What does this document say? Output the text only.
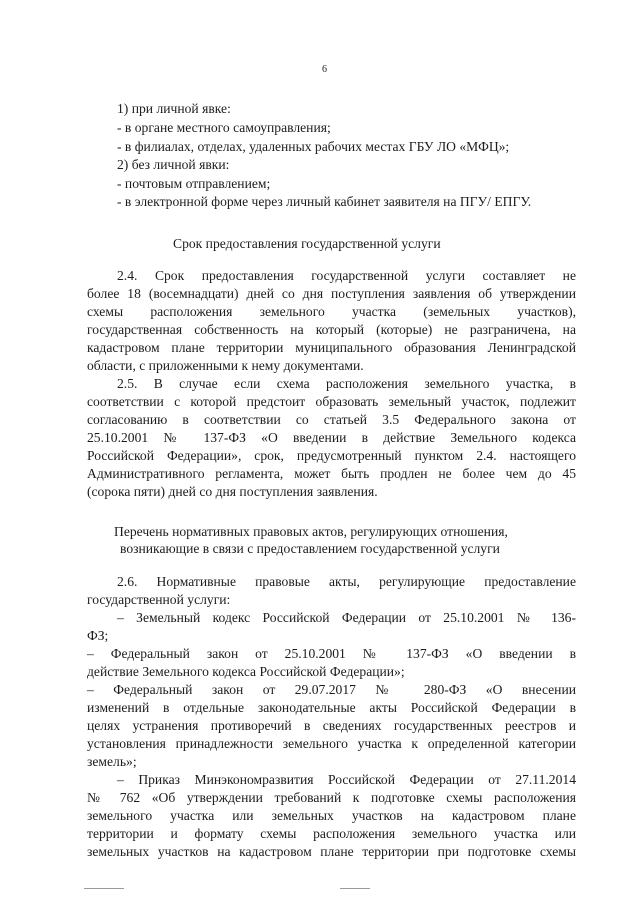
6
1) при личной явке:
- в органе местного самоуправления;
- в филиалах, отделах, удаленных рабочих местах ГБУ ЛО «МФЦ»;
2) без личной явки:
- почтовым отправлением;
- в электронной форме через личный кабинет заявителя на ПГУ/ ЕПГУ.
Срок предоставления государственной услуги
2.4. Срок предоставления государственной услуги составляет не
более 18 (восемнадцати) дней со дня поступления заявления об утверждении
схемы расположения земельного участка (земельных участков),
государственная собственность на который (которые) не разграничена, на
кадастровом плане территории муниципального образования Ленинградской
области, с приложенными к нему документами.
2.5. В случае если схема расположения земельного участка, в
соответствии с которой предстоит образовать земельный участок, подлежит
согласованию в соответствии со статьей 3.5 Федерального закона от
25.10.2001 № 137-ФЗ «О введении в действие Земельного кодекса
Российской Федерации», срок, предусмотренный пунктом 2.4. настоящего
Административного регламента, может быть продлен не более чем до 45
(сорока пяти) дней со дня поступления заявления.
Перечень нормативных правовых актов, регулирующих отношения,
возникающие в связи с предоставлением государственной услуги
2.6. Нормативные правовые акты, регулирующие предоставление
государственной услуги:
– Земельный кодекс Российской Федерации от 25.10.2001 № 136-
ФЗ;
– Федеральный закон от 25.10.2001 № 137-ФЗ «О введении в
действие Земельного кодекса Российской Федерации»;
– Федеральный закон от 29.07.2017 № 280-ФЗ «О внесении
изменений в отдельные законодательные акты Российской Федерации в
целях устранения противоречий в сведениях государственных реестров и
установления принадлежности земельного участка к определенной категории
земель»;
– Приказ Минэкономразвития Российской Федерации от 27.11.2014
№ 762 «Об утверждении требований к подготовке схемы расположения
земельного участка или земельных участков на кадастровом плане
территории и формату схемы расположения земельного участка или
земельных участков на кадастровом плане территории при подготовке схемы
